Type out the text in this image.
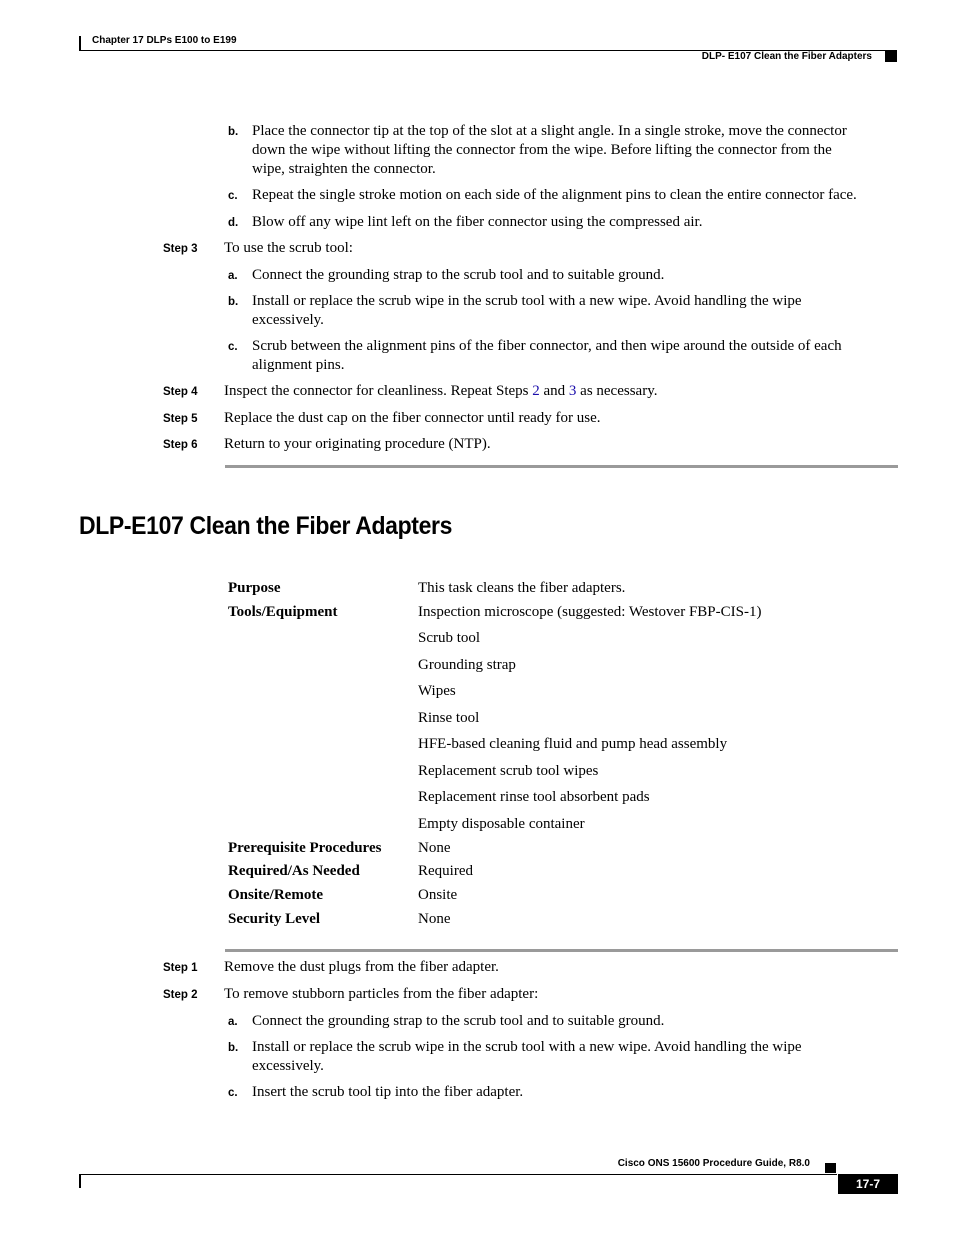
Chapter 17 DLPs E100 to E199
DLP- E107 Clean the Fiber Adapters
b. Place the connector tip at the top of the slot at a slight angle. In a single stroke, move the connector
down the wipe without lifting the connector from the wipe. Before lifting the connector from the
wipe, straighten the connector.
c. Repeat the single stroke motion on each side of the alignment pins to clean the entire connector face.
d. Blow off any wipe lint left on the fiber connector using the compressed air.
Step 3 To use the scrub tool:
a. Connect the grounding strap to the scrub tool and to suitable ground.
b. Install or replace the scrub wipe in the scrub tool with a new wipe. Avoid handling the wipe
excessively.
c. Scrub between the alignment pins of the fiber connector, and then wipe around the outside of each
alignment pins.
Step 4 Inspect the connector for cleanliness. Repeat Steps 2 and 3 as necessary.
Step 5 Replace the dust cap on the fiber connector until ready for use.
Step 6 Return to your originating procedure (NTP).
DLP-E107 Clean the Fiber Adapters
Purpose	This task cleans the fiber adapters.
Tools/Equipment	Inspection microscope (suggested: Westover FBP-CIS-1)
Scrub tool
Grounding strap
Wipes
Rinse tool
HFE-based cleaning fluid and pump head assembly
Replacement scrub tool wipes
Replacement rinse tool absorbent pads
Empty disposable container
Prerequisite Procedures None
Required/As Needed	Required
Onsite/Remote	Onsite
Security Level	None
Step 1 Remove the dust plugs from the fiber adapter.
Step 2 To remove stubborn particles from the fiber adapter:
a. Connect the grounding strap to the scrub tool and to suitable ground.
b. Install or replace the scrub wipe in the scrub tool with a new wipe. Avoid handling the wipe
excessively.
c. Insert the scrub tool tip into the fiber adapter.
Cisco ONS 15600 Procedure Guide, R8.0
17-7
